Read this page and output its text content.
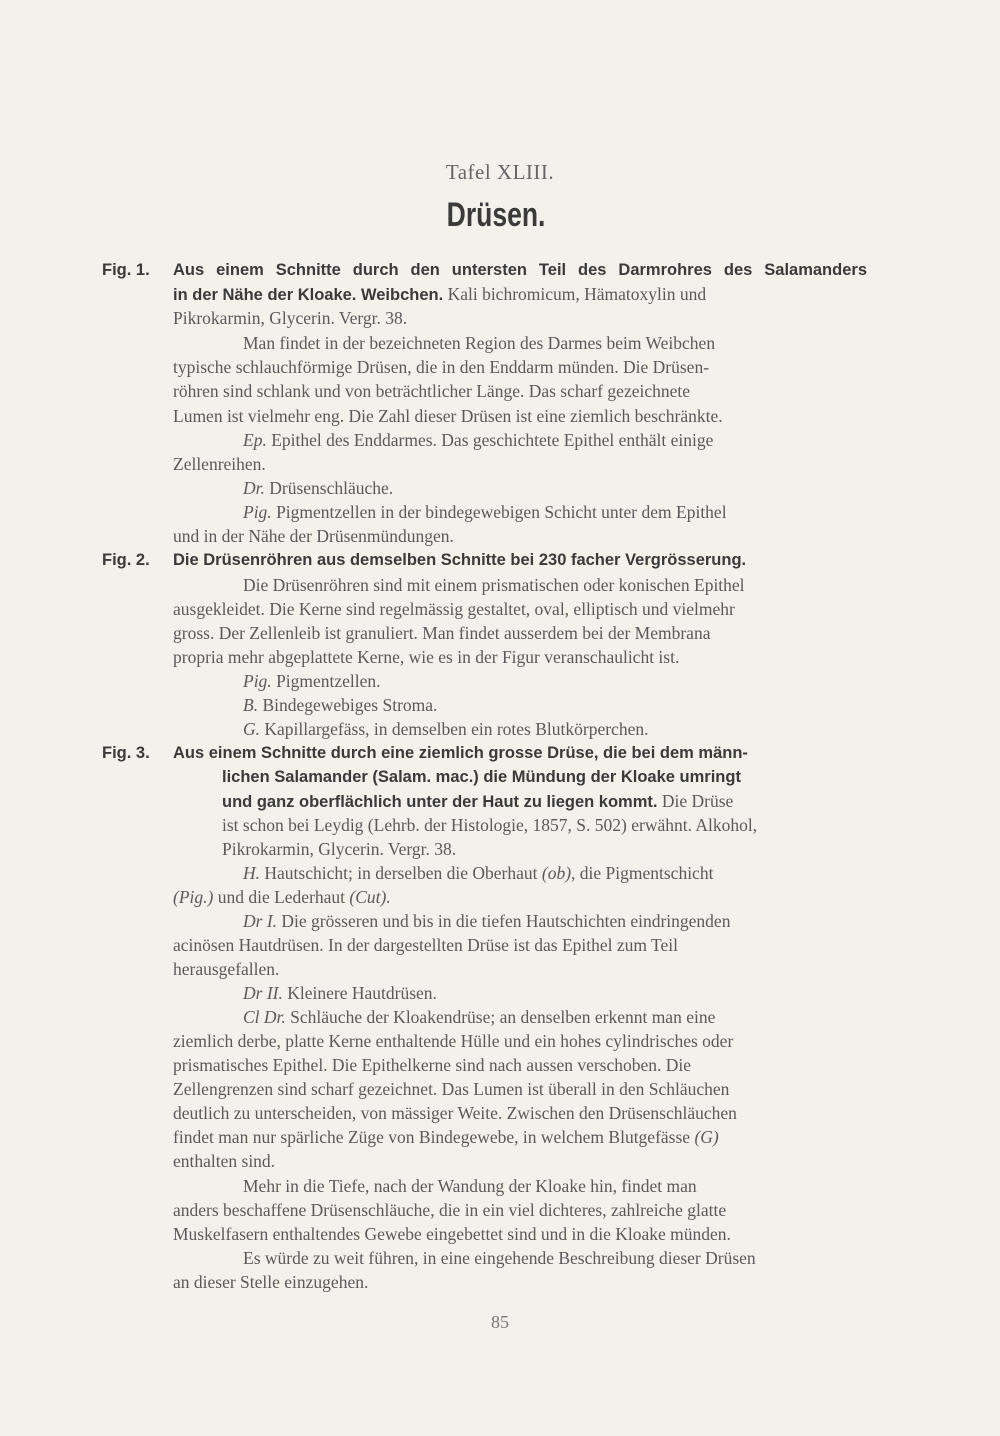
Tafel XLIII.
Drüsen.
Fig. 1. Aus einem Schnitte durch den untersten Teil des Darmrohres des Salamanders
in der Nähe der Kloake. Weibchen. Kali bichromicum, Hämatoxylin und
Pikrokarmin, Glycerin. Vergr. 38.
Man findet in der bezeichneten Region des Darmes beim Weibchen
typische schlauchförmige Drüsen, die in den Enddarm münden. Die Drüsen-
röhren sind schlank und von beträchtlicher Länge. Das scharf gezeichnete
Lumen ist vielmehr eng. Die Zahl dieser Drüsen ist eine ziemlich beschränkte.
Ep. Epithel des Enddarmes. Das geschichtete Epithel enthält einige
Zellenreihen.
Dr. Drüsenschläuche.
Pig. Pigmentzellen in der bindegewebigen Schicht unter dem Epithel
und in der Nähe der Drüsenmündungen.
Fig. 2. Die Drüsenröhren aus demselben Schnitte bei 230 facher Vergrösserung.
Die Drüsenröhren sind mit einem prismatischen oder konischen Epithel
ausgekleidet. Die Kerne sind regelmässig gestaltet, oval, elliptisch und vielmehr
gross. Der Zellenleib ist granuliert. Man findet ausserdem bei der Membrana
propria mehr abgeplattete Kerne, wie es in der Figur veranschaulicht ist.
Pig. Pigmentzellen.
B. Bindegewebiges Stroma.
G. Kapillargefäss, in demselben ein rotes Blutkörperchen.
Fig. 3. Aus einem Schnitte durch eine ziemlich grosse Drüse, die bei dem männ-
lichen Salamander (Salam. mac.) die Mündung der Kloake umringt
und ganz oberflächlich unter der Haut zu liegen kommt. Die Drüse
ist schon bei Leydig (Lehrb. der Histologie, 1857, S. 502) erwähnt. Alkohol,
Pikrokarmin, Glycerin. Vergr. 38.
H. Hautschicht; in derselben die Oberhaut (ob), die Pigmentschicht
(Pig.) und die Lederhaut (Cut).
Dr I. Die grösseren und bis in die tiefen Hautschichten eindringenden
acinösen Hautdrüsen. In der dargestellten Drüse ist das Epithel zum Teil
herausgefallen.
Dr II. Kleinere Hautdrüsen.
Cl Dr. Schläuche der Kloakendrüse; an denselben erkennt man eine
ziemlich derbe, platte Kerne enthaltende Hülle und ein hohes cylindrisches oder
prismatisches Epithel. Die Epithelkerne sind nach aussen verschoben. Die
Zellengrenzen sind scharf gezeichnet. Das Lumen ist überall in den Schläuchen
deutlich zu unterscheiden, von mässiger Weite. Zwischen den Drüsenschläuchen
findet man nur spärliche Züge von Bindegewebe, in welchem Blutgefässe (G)
enthalten sind.
Mehr in die Tiefe, nach der Wandung der Kloake hin, findet man
anders beschaffene Drüsenschläuche, die in ein viel dichteres, zahlreiche glatte
Muskelfasern enthaltendes Gewebe eingebettet sind und in die Kloake münden.
Es würde zu weit führen, in eine eingehende Beschreibung dieser Drüsen
an dieser Stelle einzugehen.
85
